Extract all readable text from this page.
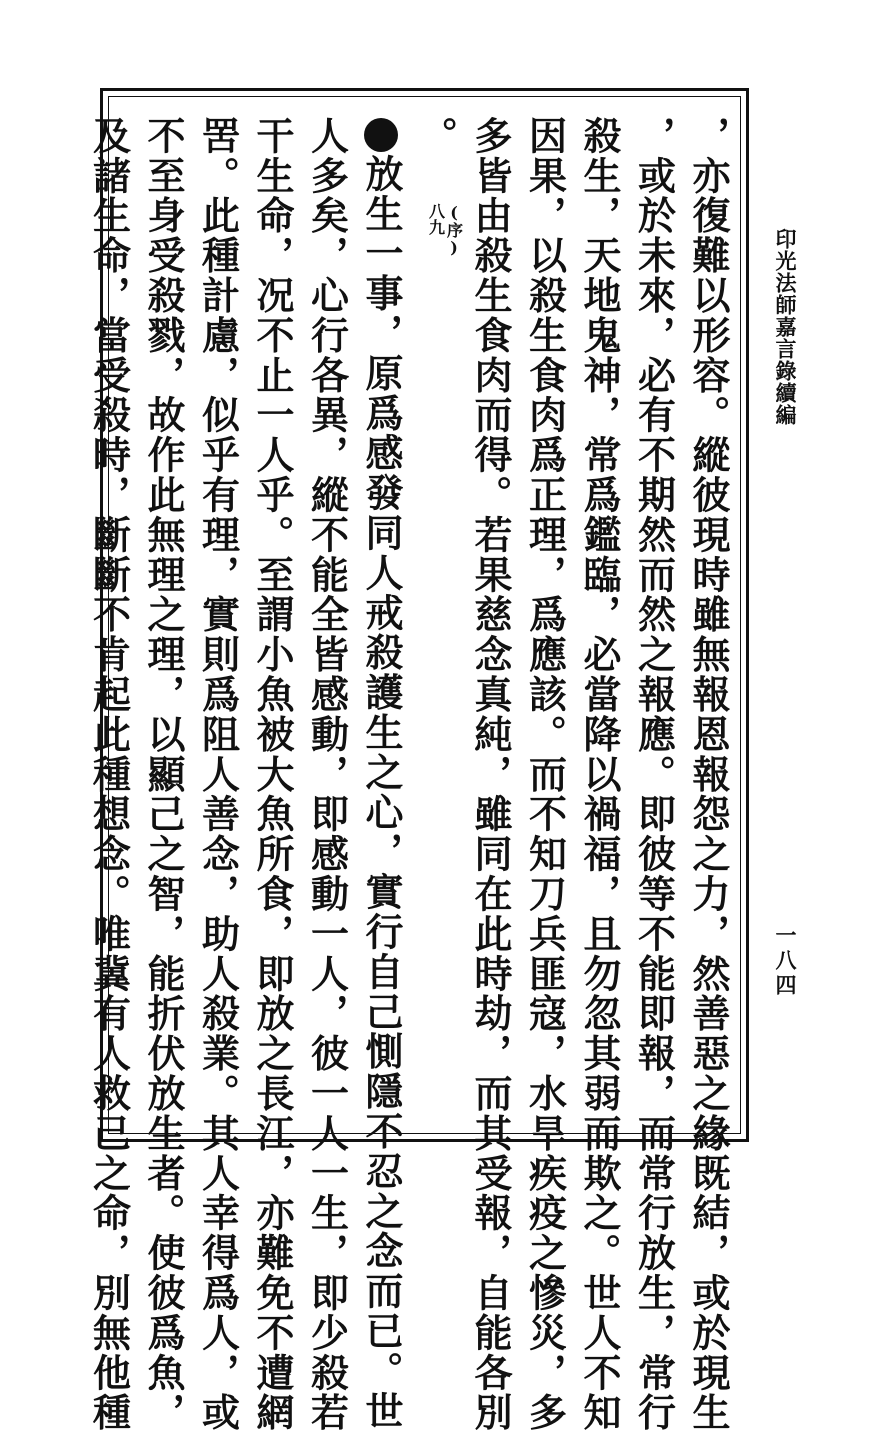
印光法師嘉言錄續編
，亦復難以形容。縱彼現時雖無報恩報怨之力，然善惡之緣既結，或於現生
，或於未來，必有不期然而然之報應。即彼等不能即報，而常行放生，常行
殺生，天地鬼神，常爲鑑臨，必當降以禍福，且勿忽其弱而欺之。世人不知
因果，以殺生食肉爲正理，爲應該。而不知刀兵匪寇，水旱疾疫之慘災，多
多皆由殺生食肉而得。若果慈念真純，雖同在此時劫，而其受報，自能各別
。
(序)
八九
放生一事，原爲感發同人戒殺護生之心，實行自己惻隱不忍之念而已。世
人多矣，心行各異，縱不能全皆感動，即感動一人，彼一人一生，即少殺若
干生命，况不止一人乎。至謂小魚被大魚所食，即放之長江，亦難免不遭網
罟。此種計慮，似乎有理，實則爲阻人善念，助人殺業。其人幸得爲人，或
不至身受殺戮，故作此無理之理，以顯己之智，能折伏放生者。使彼爲魚，
及諸生命，當受殺時，斷斷不肯起此種想念。唯冀有人救己之命，別無他種	一八四
